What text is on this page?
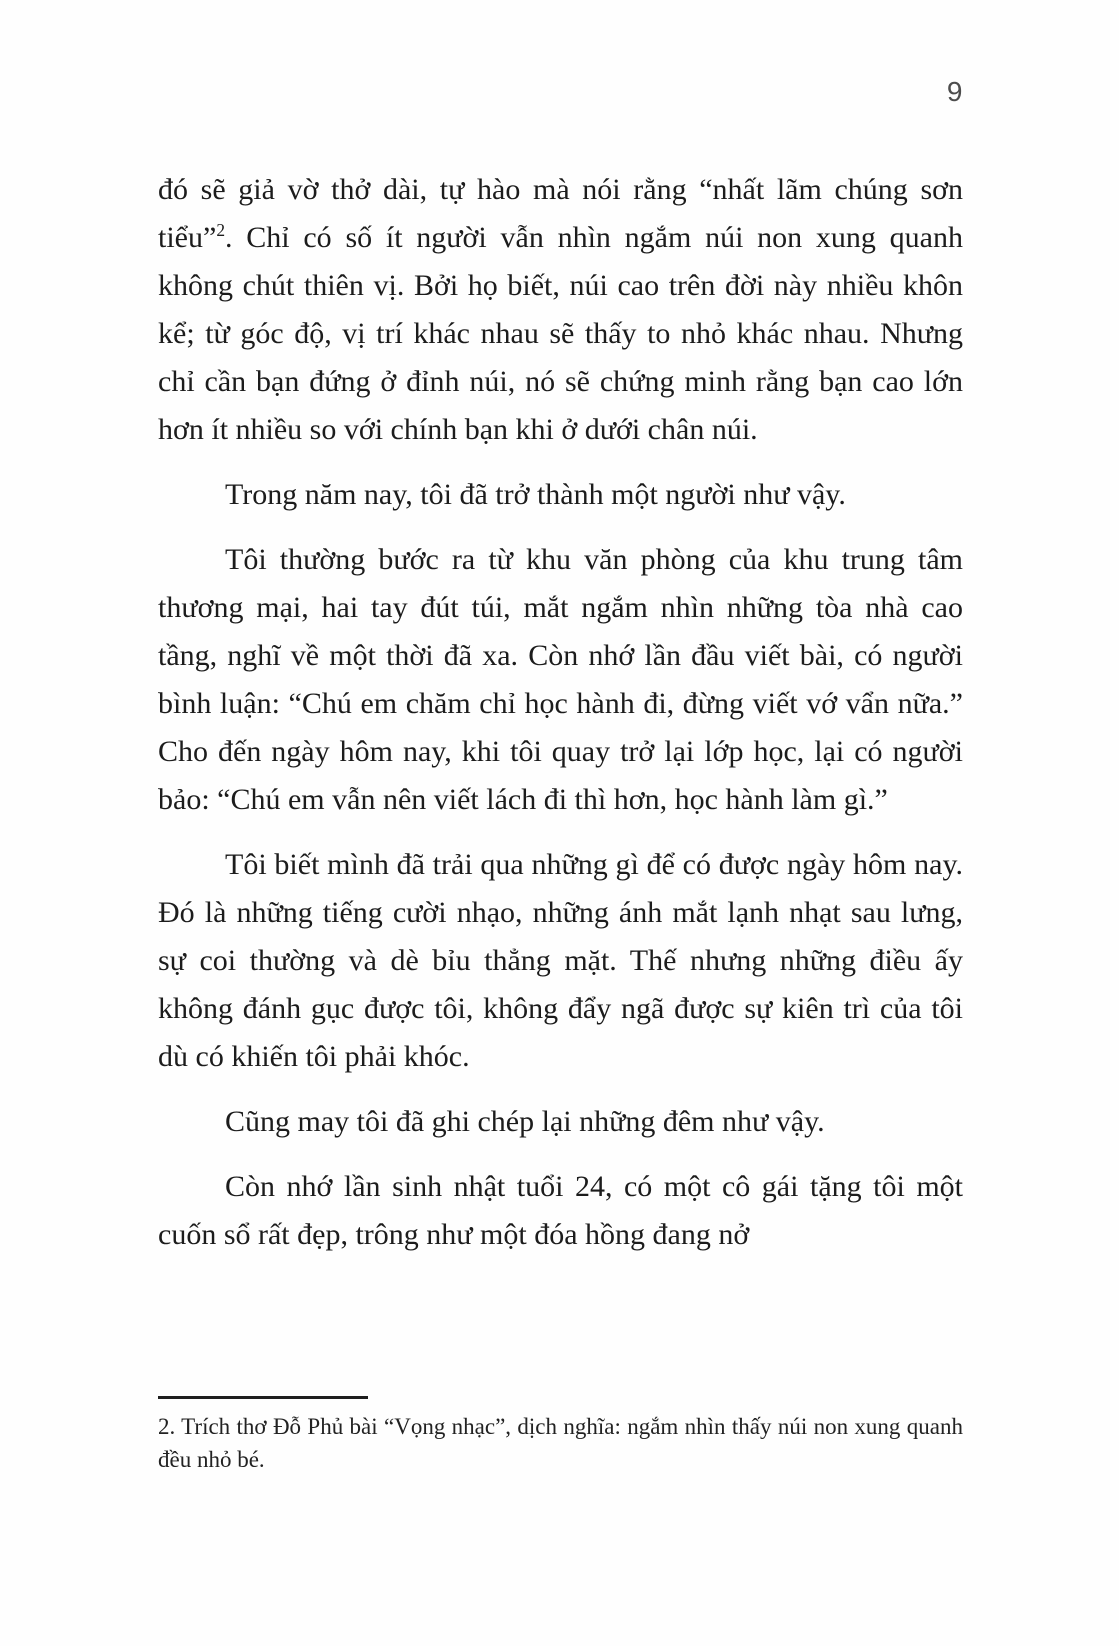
9

đó sẽ giả vờ thở dài, tự hào mà nói rằng “nhất lãm chúng sơn tiểu”$^2$. Chỉ có số ít người vẫn nhìn ngắm núi non xung quanh không chút thiên vị. Bởi họ biết, núi cao trên đời này nhiều khôn kể; từ góc độ, vị trí khác nhau sẽ thấy to nhỏ khác nhau. Nhưng chỉ cần bạn đứng ở đỉnh núi, nó sẽ chứng minh rằng bạn cao lớn hơn ít nhiều so với chính bạn khi ở dưới chân núi.

Trong năm nay, tôi đã trở thành một người như vậy.

Tôi thường bước ra từ khu văn phòng của khu trung tâm thương mại, hai tay đút túi, mắt ngắm nhìn những tòa nhà cao tầng, nghĩ về một thời đã xa. Còn nhớ lần đầu viết bài, có người bình luận: “Chú em chăm chỉ học hành đi, đừng viết vớ vẩn nữa.” Cho đến ngày hôm nay, khi tôi quay trở lại lớp học, lại có người bảo: “Chú em vẫn nên viết lách đi thì hơn, học hành làm gì.”

Tôi biết mình đã trải qua những gì để có được ngày hôm nay. Đó là những tiếng cười nhạo, những ánh mắt lạnh nhạt sau lưng, sự coi thường và dè bỉu thẳng mặt. Thế nhưng những điều ấy không đánh gục được tôi, không đẩy ngã được sự kiên trì của tôi dù có khiến tôi phải khóc.

Cũng may tôi đã ghi chép lại những đêm như vậy.

Còn nhớ lần sinh nhật tuổi 24, có một cô gái tặng tôi một cuốn sổ rất đẹp, trông như một đóa hồng đang nở

2. Trích thơ Đỗ Phủ bài “Vọng nhạc”, dịch nghĩa: ngắm nhìn thấy núi non xung quanh đều nhỏ bé.
